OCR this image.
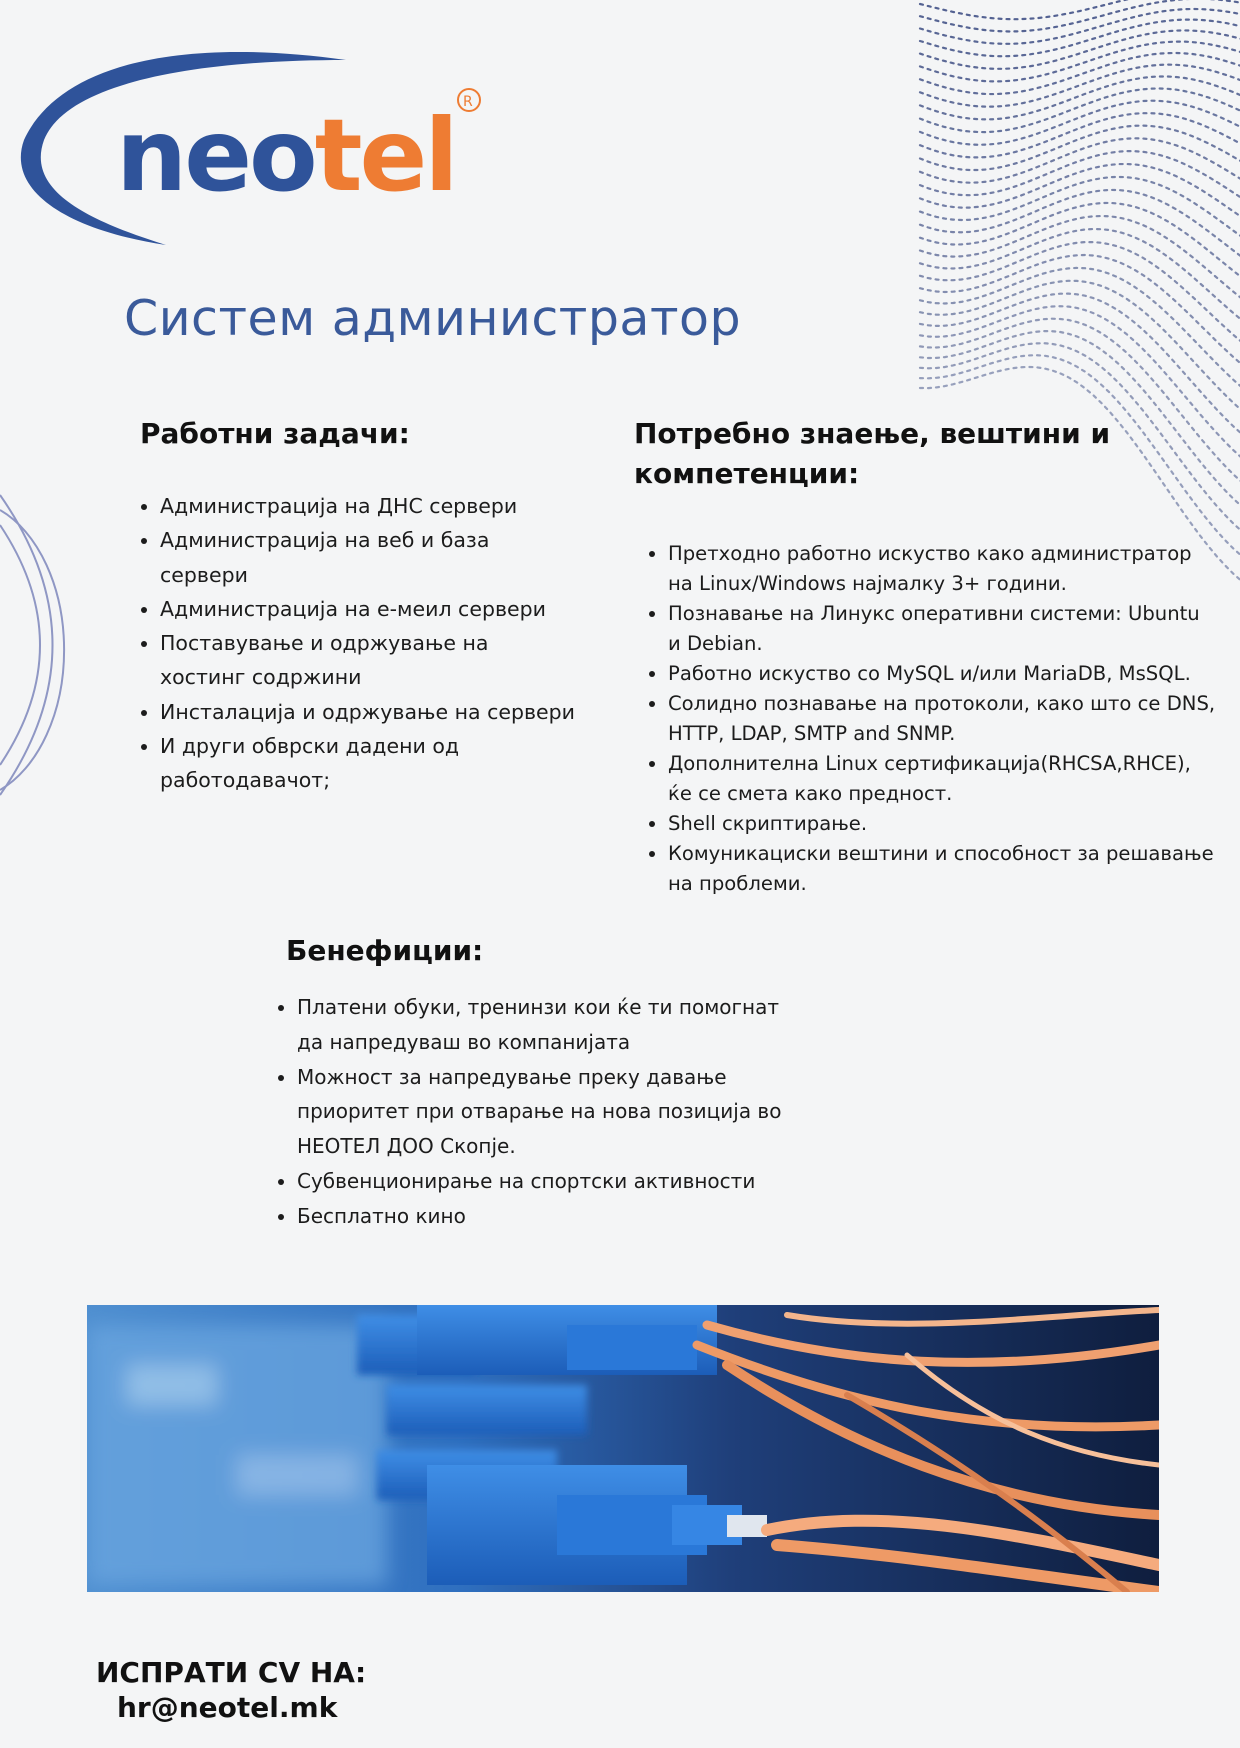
neotel R
Систем администратор
Работни задачи:
• Администрација на ДНС сервери
• Администрација на веб и база сервери
• Администрација на е-меил сервери
• Поставување и одржување на хостинг содржини
• Инсталација и одржување на сервери
• И други обврски дадени од работодавачот;
Потребно знаење, вештини и компетенции:
• Претходно работно искуство како администратор на Linux/Windows најмалку 3+ години.
• Познавање на Линукс оперативни системи: Ubuntu и Debian.
• Работно искуство со MySQL и/или MariaDB, MsSQL.
• Солидно познавање на протоколи, како што се DNS, HTTP, LDAP, SMTP and SNMP.
• Дополнителна Linux сертификација(RHCSA,RHCE), ќе се смета како предност.
• Shell скриптирање.
• Комуникациски вештини и способност за решавање на проблеми.
Бенефиции:
• Платени обуки, тренинзи кои ќе ти помогнат да напредуваш во компанијата
• Можност за напредување преку давање приоритет при отварање на нова позиција во НЕОТЕЛ ДОО Скопје.
• Субвенционирање на спортски активности
• Бесплатно кино
ИСПРАТИ CV НА:
hr@neotel.mk
